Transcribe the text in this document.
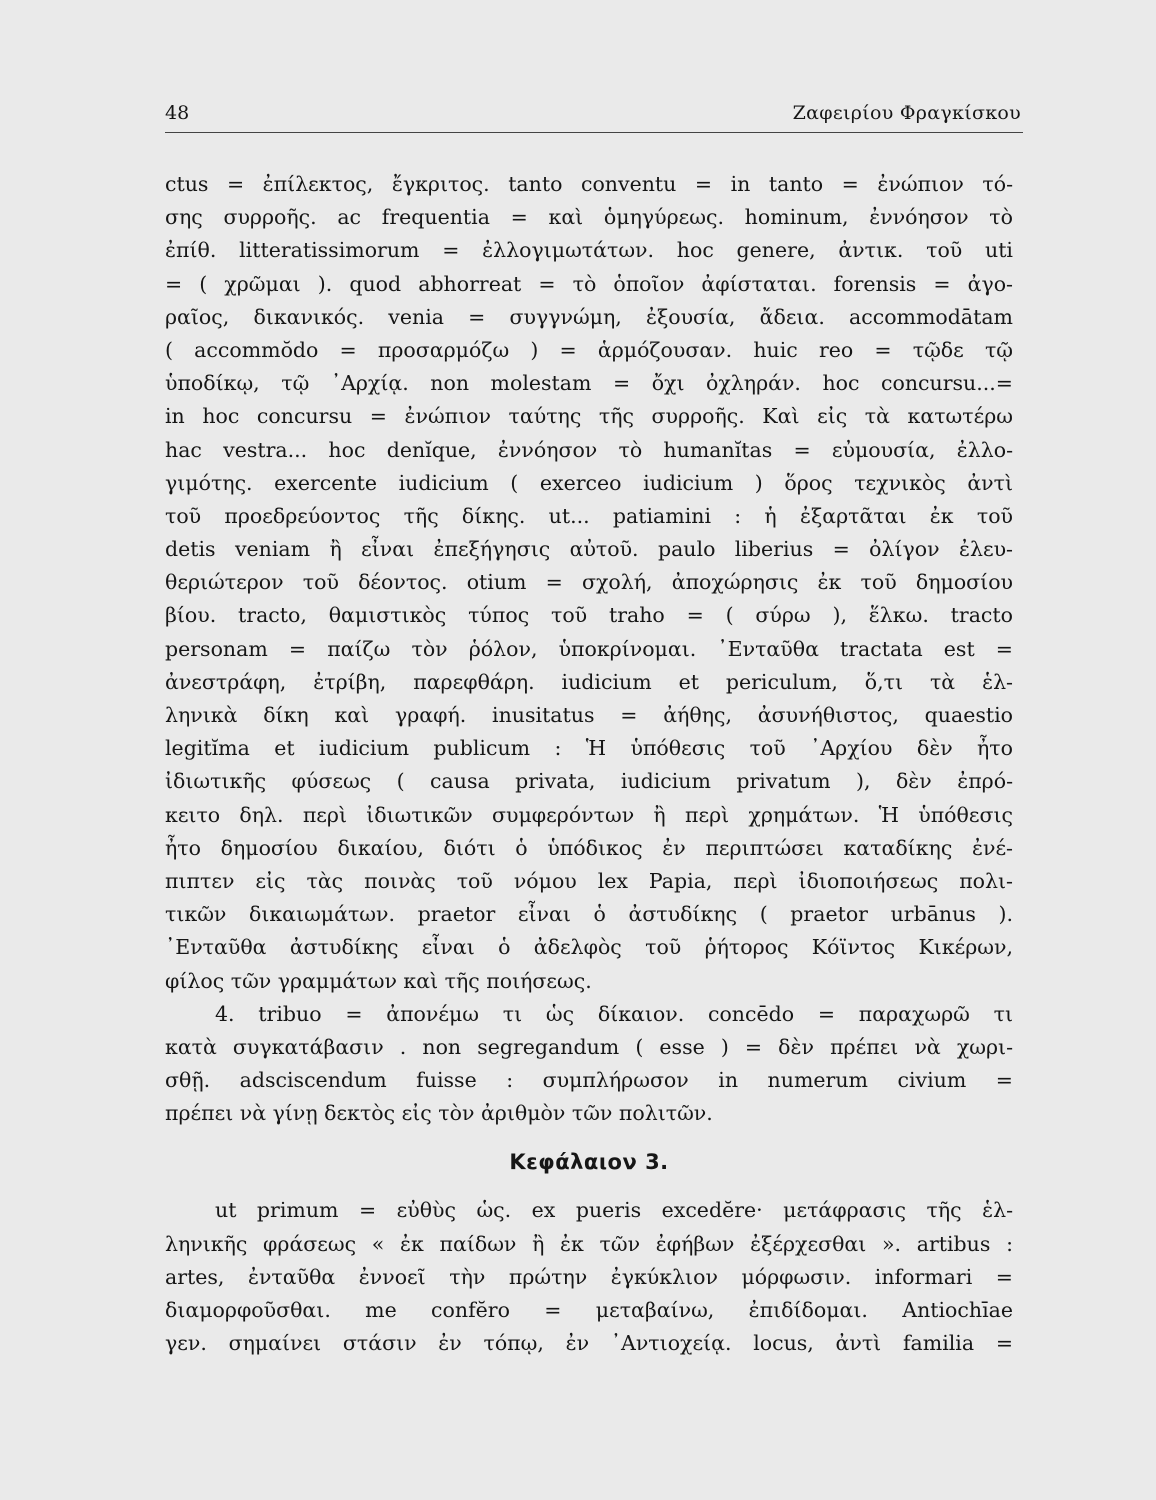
48	Ζαφειρίου Φραγκίσκου
ctus = ἐπίλεκτος, ἔγκριτος. tanto conventu = in tanto = ἐνώπιον τό-
σης συρροῆς. ac frequentia = καὶ ὁμηγύρεως. hominum, ἐννόησον τὸ
ἐπίθ. litteratissimorum = ἐλλογιμωτάτων. hoc genere, ἀντικ. τοῦ uti
= ( χρῶμαι ). quod abhorreat = τὸ ὁποῖον ἀφίσταται. forensis = ἀγο-
ραῖος, δικανικός. venia = συγγνώμη, ἐξουσία, ἄδεια. accommodātam
( accommŏdo = προσαρμόζω ) = ἁρμόζουσαν. huic reo = τῷδε τῷ
ὑποδίκῳ, τῷ ᾿Αρχίᾳ. non molestam = ὄχι ὀχληράν. hoc concursu...=
in hoc concursu = ἐνώπιον ταύτης τῆς συρροῆς. Καὶ εἰς τὰ κατωτέρω
hac vestra... hoc denĭque, ἐννόησον τὸ humanĭtas = εὐμουσία, ἐλλο-
γιμότης. exercente iudicium ( exerceo iudicium ) ὅρος τεχνικὸς ἀντὶ
τοῦ προεδρεύοντος τῆς δίκης. ut... patiamini : ἡ ἐξαρτᾶται ἐκ τοῦ
detis veniam ἢ εἶναι ἐπεξήγησις αὐτοῦ. paulo liberius = ὀλίγον ἐλευ-
θεριώτερον τοῦ δέοντος. otium = σχολή, ἀποχώρησις ἐκ τοῦ δημοσίου
βίου. tracto, θαμιστικὸς τύπος τοῦ traho = ( σύρω ), ἕλκω. tracto
personam = παίζω τὸν ῥόλον, ὑποκρίνομαι. ᾿Ενταῦθα tractata est =
ἀνεστράφη, ἐτρίβη, παρεφθάρη. iudicium et periculum, ὅ,τι τὰ ἑλ-
ληνικὰ δίκη καὶ γραφή. inusitatus = ἀήθης, ἀσυνήθιστος, quaestio
legitĭma et iudicium publicum : Ἡ ὑπόθεσις τοῦ ᾿Αρχίου δὲν ἦτο
ἰδιωτικῆς φύσεως ( causa privata, iudicium privatum ), δὲν ἐπρό-
κειτο δηλ. περὶ ἰδιωτικῶν συμφερόντων ἢ περὶ χρημάτων. Ἡ ὑπόθεσις
ἦτο δημοσίου δικαίου, διότι ὁ ὑπόδικος ἐν περιπτώσει καταδίκης ἐνέ-
πιπτεν εἰς τὰς ποινὰς τοῦ νόμου lex Papia, περὶ ἰδιοποιήσεως πολι-
τικῶν δικαιωμάτων. praetor εἶναι ὁ ἀστυδίκης ( praetor urbānus ).
᾿Ενταῦθα ἀστυδίκης εἶναι ὁ ἀδελφὸς τοῦ ῥήτορος Κόϊντος Κικέρων,
φίλος τῶν γραμμάτων καὶ τῆς ποιήσεως.
4. tribuo = ἀπονέμω τι ὡς δίκαιον. concēdo = παραχωρῶ τι
κατὰ συγκατάβασιν . non segregandum ( esse ) = δὲν πρέπει νὰ χωρι-
σθῇ. adsciscendum fuisse : συμπλήρωσον in numerum civium =
πρέπει νὰ γίνῃ δεκτὸς εἰς τὸν ἀριθμὸν τῶν πολιτῶν.
Κεφάλαιον 3.
ut primum = εὐθὺς ὡς. ex pueris excedĕre· μετάφρασις τῆς ἑλ-
ληνικῆς φράσεως « ἐκ παίδων ἢ ἐκ τῶν ἐφήβων ἐξέρχεσθαι ». artibus :
artes, ἐνταῦθα ἐννοεῖ τὴν πρώτην ἐγκύκλιον μόρφωσιν. informari =
διαμορφοῦσθαι. me confĕro = μεταβαίνω, ἐπιδίδομαι. Antiochīae
γεν. σημαίνει στάσιν ἐν τόπῳ, ἐν ᾿Αντιοχείᾳ. locus, ἀντὶ familia =
